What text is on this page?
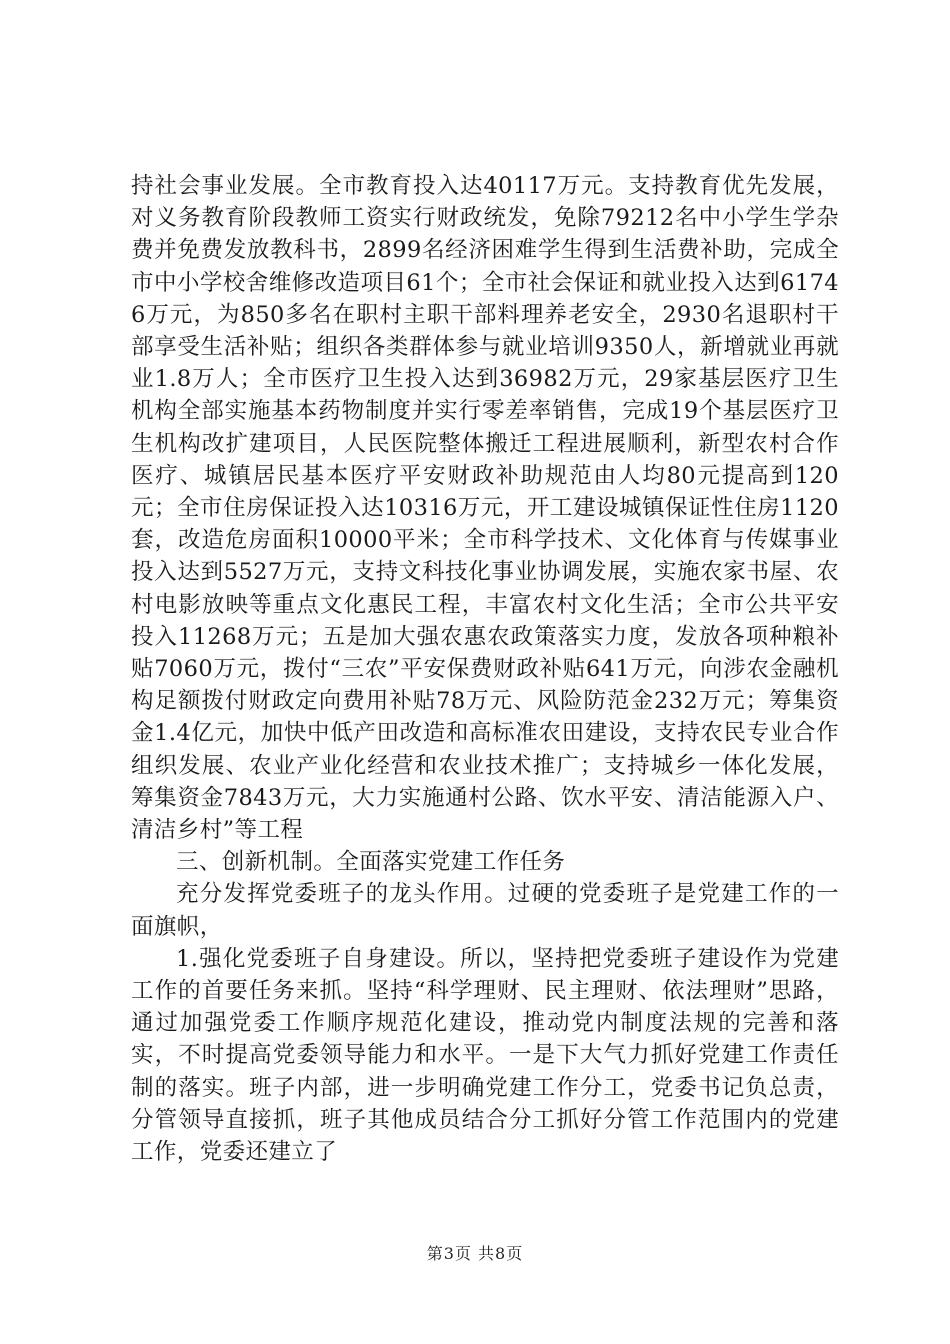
持社会事业发展。全市教育投入达40117万元。支持教育优先发展，对义务教育阶段教师工资实行财政统发，免除79212名中小学生学杂费并免费发放教科书，2899名经济困难学生得到生活费补助，完成全市中小学校舍维修改造项目61个；全市社会保证和就业投入达到61746万元，为850多名在职村主职干部料理养老安全，2930名退职村干部享受生活补贴；组织各类群体参与就业培训9350人，新增就业再就业1.8万人；全市医疗卫生投入达到36982万元，29家基层医疗卫生机构全部实施基本药物制度并实行零差率销售，完成19个基层医疗卫生机构改扩建项目，人民医院整体搬迁工程进展顺利，新型农村合作医疗、城镇居民基本医疗平安财政补助规范由人均80元提高到120元；全市住房保证投入达10316万元，开工建设城镇保证性住房1120套，改造危房面积10000平米；全市科学技术、文化体育与传媒事业投入达到5527万元，支持文科技化事业协调发展，实施农家书屋、农村电影放映等重点文化惠民工程，丰富农村文化生活；全市公共平安投入11268万元；五是加大强农惠农政策落实力度，发放各项种粮补贴7060万元，拨付“三农”平安保费财政补贴641万元，向涉农金融机构足额拨付财政定向费用补贴78万元、风险防范金232万元；筹集资金1.4亿元，加快中低产田改造和高标准农田建设，支持农民专业合作组织发展、农业产业化经营和农业技术推广；支持城乡一体化发展，筹集资金7843万元，大力实施通村公路、饮水平安、清洁能源入户、清洁乡村”等工程

三、创新机制。全面落实党建工作任务

充分发挥党委班子的龙头作用。过硬的党委班子是党建工作的一面旗帜，

1.强化党委班子自身建设。所以，坚持把党委班子建设作为党建工作的首要任务来抓。坚持“科学理财、民主理财、依法理财”思路，通过加强党委工作顺序规范化建设，推动党内制度法规的完善和落实，不时提高党委领导能力和水平。一是下大气力抓好党建工作责任制的落实。班子内部，进一步明确党建工作分工，党委书记负总责，分管领导直接抓，班子其他成员结合分工抓好分管工作范围内的党建工作，党委还建立了

第3页 共8页
